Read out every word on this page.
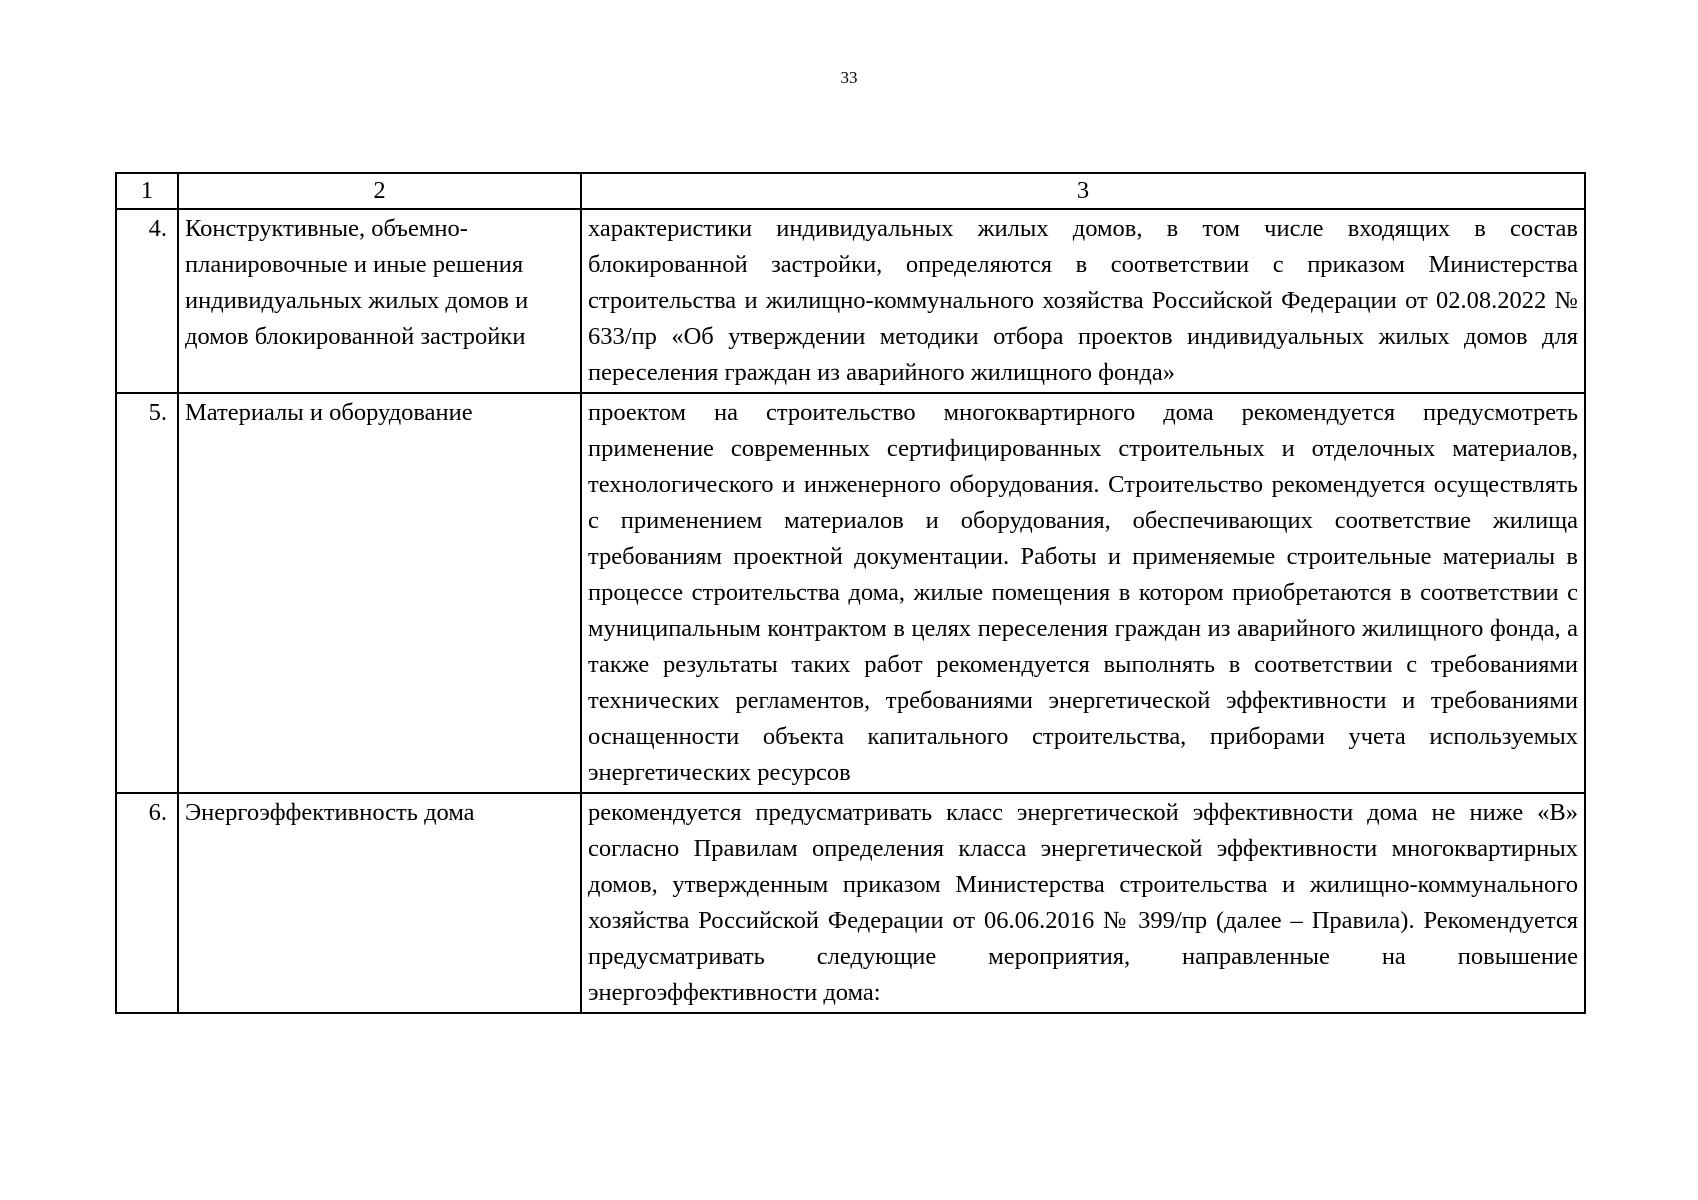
33
1	2	3
4.	Конструктивные, объемно-планировочные и иные решения индивидуальных жилых домов и домов блокированной застройки	характеристики индивидуальных жилых домов, в том числе входящих в состав блокированной застройки, определяются в соответствии с приказом Министерства строительства и жилищно-коммунального хозяйства Российской Федерации от 02.08.2022 № 633/пр «Об утверждении методики отбора проектов индивидуальных жилых домов для переселения граждан из аварийного жилищного фонда»
5.	Материалы и оборудование	проектом на строительство многоквартирного дома рекомендуется предусмотреть применение современных сертифицированных строительных и отделочных материалов, технологического и инженерного оборудования. Строительство рекомендуется осуществлять с применением материалов и оборудования, обеспечивающих соответствие жилища требованиям проектной документации. Работы и применяемые строительные материалы в процессе строительства дома, жилые помещения в котором приобретаются в соответствии с муниципальным контрактом в целях переселения граждан из аварийного жилищного фонда, а также результаты таких работ рекомендуется выполнять в соответствии с требованиями технических регламентов, требованиями энергетической эффективности и требованиями оснащенности объекта капитального строительства, приборами учета используемых энергетических ресурсов
6.	Энергоэффективность дома	рекомендуется предусматривать класс энергетической эффективности дома не ниже «В» согласно Правилам определения класса энергетической эффективности многоквартирных домов, утвержденным приказом Министерства строительства и жилищно-коммунального хозяйства Российской Федерации от 06.06.2016 № 399/пр (далее – Правила). Рекомендуется предусматривать следующие мероприятия, направленные на повышение энергоэффективности дома:
